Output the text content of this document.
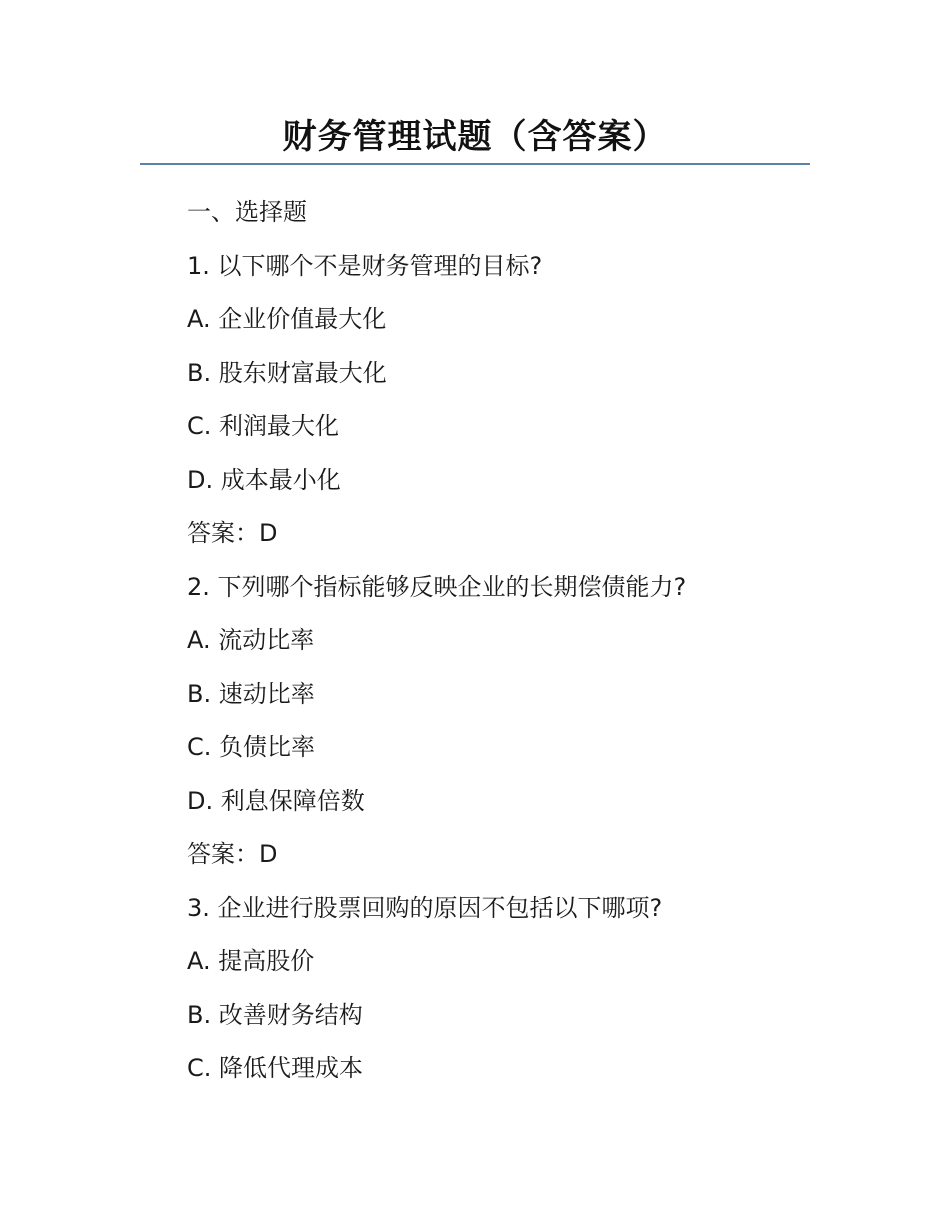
财务管理试题（含答案）
一、选择题
1. 以下哪个不是财务管理的目标?
A. 企业价值最大化
B. 股东财富最大化
C. 利润最大化
D. 成本最小化
答案：D
2. 下列哪个指标能够反映企业的长期偿债能力?
A. 流动比率
B. 速动比率
C. 负债比率
D. 利息保障倍数
答案：D
3. 企业进行股票回购的原因不包括以下哪项?
A. 提高股价
B. 改善财务结构
C. 降低代理成本
